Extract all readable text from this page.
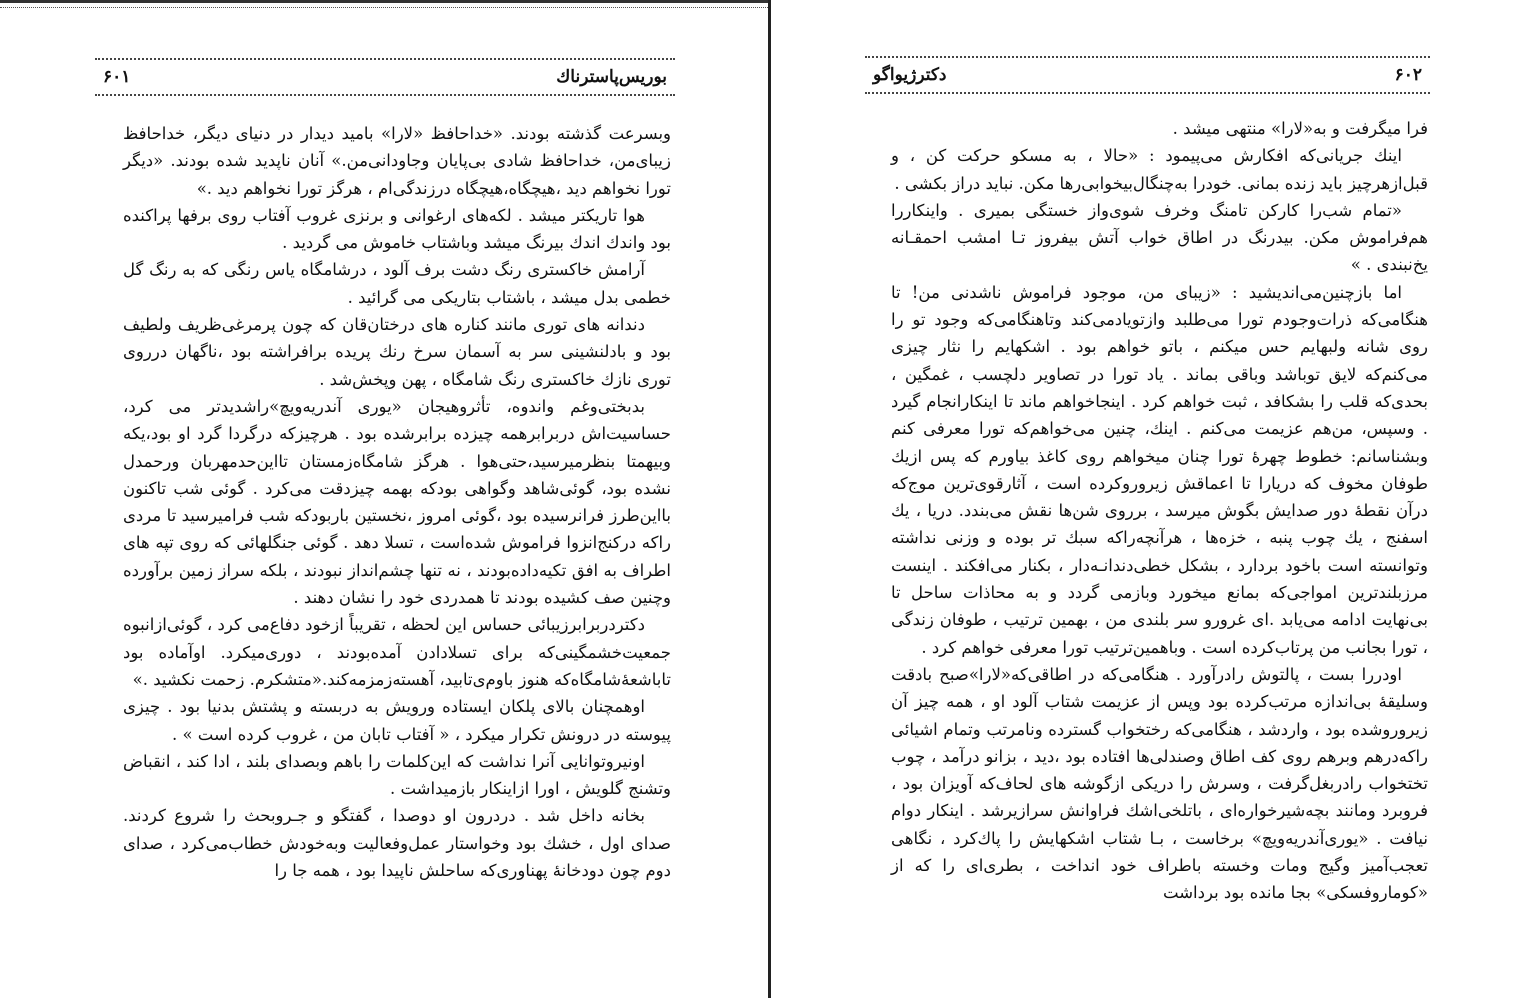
۶۰۱	بوریس‌پاسترناك

وبسرعت گذشته بودند. «خداحافظ «لارا» بامید دیدار در دنیای دیگر، خداحافظ زیبای‌من، خداحافظ شادی بی‌پایان وجاودانی‌من.» آنان ناپدید شده بودند. «دیگر تورا نخواهم دید ،هیچگاه،هیچگاه درزندگی‌ام ، هرگز تورا نخواهم دید .»

هوا تاریکتر میشد . لکه‌های ارغوانی و برنزی غروب آفتاب روی برفها پراکنده بود واندك اندك بیرنگ میشد وباشتاب خاموش می گردید .

آرامش خاکستری رنگ دشت برف آلود ، درشامگاه یاس رنگی که به رنگ گل خطمی بدل میشد ، باشتاب بتاریکی می گرائید .

دندانه های توری مانند کناره های درختان‌قان که چون پرمرغی‌ظریف ولطیف بود و بادلنشینی سر به آسمان سرخ رنك پریده برافراشته بود ،ناگهان درروی توری نازك خاکستری رنگ شامگاه ، پهن وپخش‌شد .

بدبختی‌وغم واندوه، تأثروهیجان «یوری آندریه‌ویچ»راشدیدتر می کرد، حساسیت‌اش دربرابرهمه چیزده برابرشده بود . هرچیزکه درگردا گرد او بود،یکه وبیهمتا بنظرمیرسید،حتی‌هوا . هرگز شامگاه‌زمستان تااین‌حدمهربان ورحمدل نشده بود، گوئی‌شاهد وگواهی بودکه بهمه چیزدقت می‌کرد . گوئی شب تاکنون بااین‌طرز فرانرسیده بود ،گوئی امروز ،نخستین باربودکه شب فرامیرسید تا مردی راکه درکنج‌انزوا فراموش شده‌است ، تسلا دهد . گوئی جنگلهائی که روی تپه های اطراف به افق تکیه‌داده‌بودند ، نه تنها چشم‌انداز نبودند ، بلکه سراز زمین برآورده وچنین صف کشیده بودند تا همدردی خود را نشان دهند .

دکتردربرابرزیبائی حساس این لحظه ، تقریباً ازخود دفاع‌می کرد ، گوئی‌ازانبوه جمعیت‌خشمگینی‌که برای تسلادادن آمده‌بودند ، دوری‌میکرد. اوآماده بود تاباشعهٔ‌شامگاه‌که هنوز باوم‌ی‌تابید، آهسته‌زمزمه‌کند.«متشکرم. زحمت نکشید .»

اوهمچنان بالای پلکان ایستاده ورویش به دربسته و پشتش بدنیا بود . چیزی پیوسته در درونش تکرار میکرد ، « آفتاب تابان من ، غروب کرده است » .

اونیروتوانایی آنرا نداشت که این‌کلمات را باهم وبصدای بلند ، ادا کند ، انقباض وتشنج گلویش ، اورا ازاینکار بازمیداشت .

بخانه داخل شد . دردرون او دوصدا ، گفتگو و جـروبحث را شروع کردند. صدای اول ، خشك بود وخواستار عمل‌وفعالیت وبه‌خودش خطاب‌می‌کرد ، صدای دوم چون دودخانهٔ پهناوری‌که ساحلش ناپیدا بود ، همه جا را

دکترژیواگو	۶۰۲

فرا میگرفت و به‌«لارا» منتهی میشد .

اینك جریانی‌که افکارش می‌پیمود : «حالا ، به مسکو حرکت کن ، و قبل‌ازهرچیز باید زنده بمانی. خودرا به‌چنگال‌بیخوابی‌رها مکن. نباید دراز بکشی .

«تمام شب‌را کارکن تامنگ وخرف شوی‌واز خستگی بمیری . واینکاررا هم‌فراموش مکن. بیدرنگ در اطاق خواب آتش بیفروز تـا امشب احمقـانه یخ‌نبندی . »

اما بازچنین‌می‌اندیشید : «زیبای من، موجود فراموش ناشدنی من! تا هنگامی‌که ذرات‌وجودم تورا می‌طلبد وازتویادمی‌کند وتاهنگامی‌که وجود تو را روی شانه ولبهایم حس میکنم ، باتو خواهم بود . اشکهایم را نثار چیزی می‌کنم‌که لایق توباشد وباقی بماند . یاد تورا در تصاویر دلچسب ، غمگین ، بحدی‌که قلب را بشکافد ، ثبت خواهم کرد . اینجاخواهم ماند تا اینکارانجام گیرد . وسپس، من‌هم عزیمت می‌کنم . اینك، چنین می‌خواهم‌که تورا معرفی کنم وبشناسانم: خطوط چهرهٔ تورا چنان میخواهم روی کاغذ بیاورم که پس ازیك طوفان مخوف که دریارا تا اعماقش زیرورو‌کرده است ، آثارقوی‌ترین موج‌که درآن نقطهٔ دور صدایش بگوش میرسد ، برروی شن‌ها نقش می‌بندد. دریا ، یك اسفنج ، یك چوب پنبه ، خزه‌ها ، هرآنچه‌راکه سبك تر بوده و وزنی نداشته وتوانسته است باخود بردارد ، بشکل خطی‌دندانـه‌دار ، بکنار می‌افکند . اینست مرزبلندترین امواجی‌که بمانع میخورد وبازمی گردد و به محاذات ساحل تا بی‌نهایت ادامه می‌یابد .ای غرورو سر بلندی من ، بهمین ترتیب ، طوفان زندگی ، تورا بجانب من پرتاب‌کرده است . وباهمین‌ترتیب تورا معرفی خواهم کرد .

اودررا بست ، پالتوش رادرآورد . هنگامی‌که در اطاقی‌که«لارا»صبح بادقت وسلیقهٔ بی‌اندازه مرتب‌کرده بود وپس از عزیمت شتاب آلود او ، همه چیز آن زیرورو‌شده بود ، واردشد ، هنگامی‌که رختخواب گسترده ونامرتب وتمام اشیائی راکه‌درهم وبرهم روی کف اطاق وصندلی‌ها افتاده بود ،دید ، بزانو درآمد ، چوب تختخواب رادربغل‌گرفت ، وسرش را دریکی ازگوشه های لحاف‌که آویزان بود ، فروبرد ومانند بچه‌شیرخواره‌ای ، باتلخی‌اشك فراوانش سرازیرشد . اینکار دوام نیافت . «یوری‌آندریه‌ویچ» برخاست ، بـا شتاب اشکهایش را پاك‌کرد ، نگاهی تعجب‌آمیز وگیج ومات وخسته باطراف خود انداخت ، بطری‌ای را که از «کوماروفسکی» بجا مانده بود برداشت
